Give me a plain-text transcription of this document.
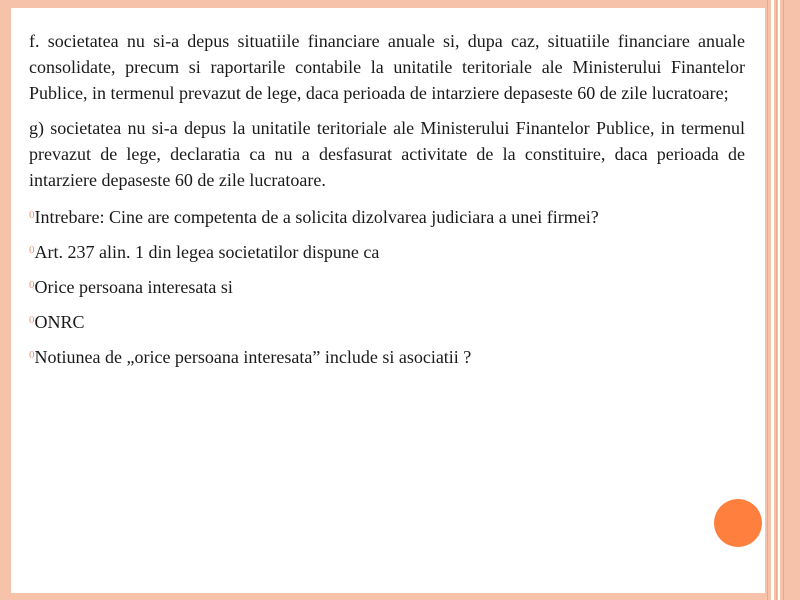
f. societatea nu si-a depus situatiile financiare anuale si, dupa caz, situatiile financiare anuale consolidate, precum si raportarile contabile la unitatile teritoriale ale Ministerului Finantelor Publice, in termenul prevazut de lege, daca perioada de intarziere depaseste 60 de zile lucratoare;

g) societatea nu si-a depus la unitatile teritoriale ale Ministerului Finantelor Publice, in termenul prevazut de lege, declaratia ca nu a desfasurat activitate de la constituire, daca perioada de intarziere depaseste 60 de zile lucratoare.

$^0$Intrebare: Cine are competenta de a solicita dizolvarea judiciara a unei firmei?
$^0$Art. 237 alin. 1 din legea societatilor dispune ca
$^0$Orice persoana interesata si
$^0$ONRC
$^0$Notiunea de „orice persoana interesata” include si asociatii ?
